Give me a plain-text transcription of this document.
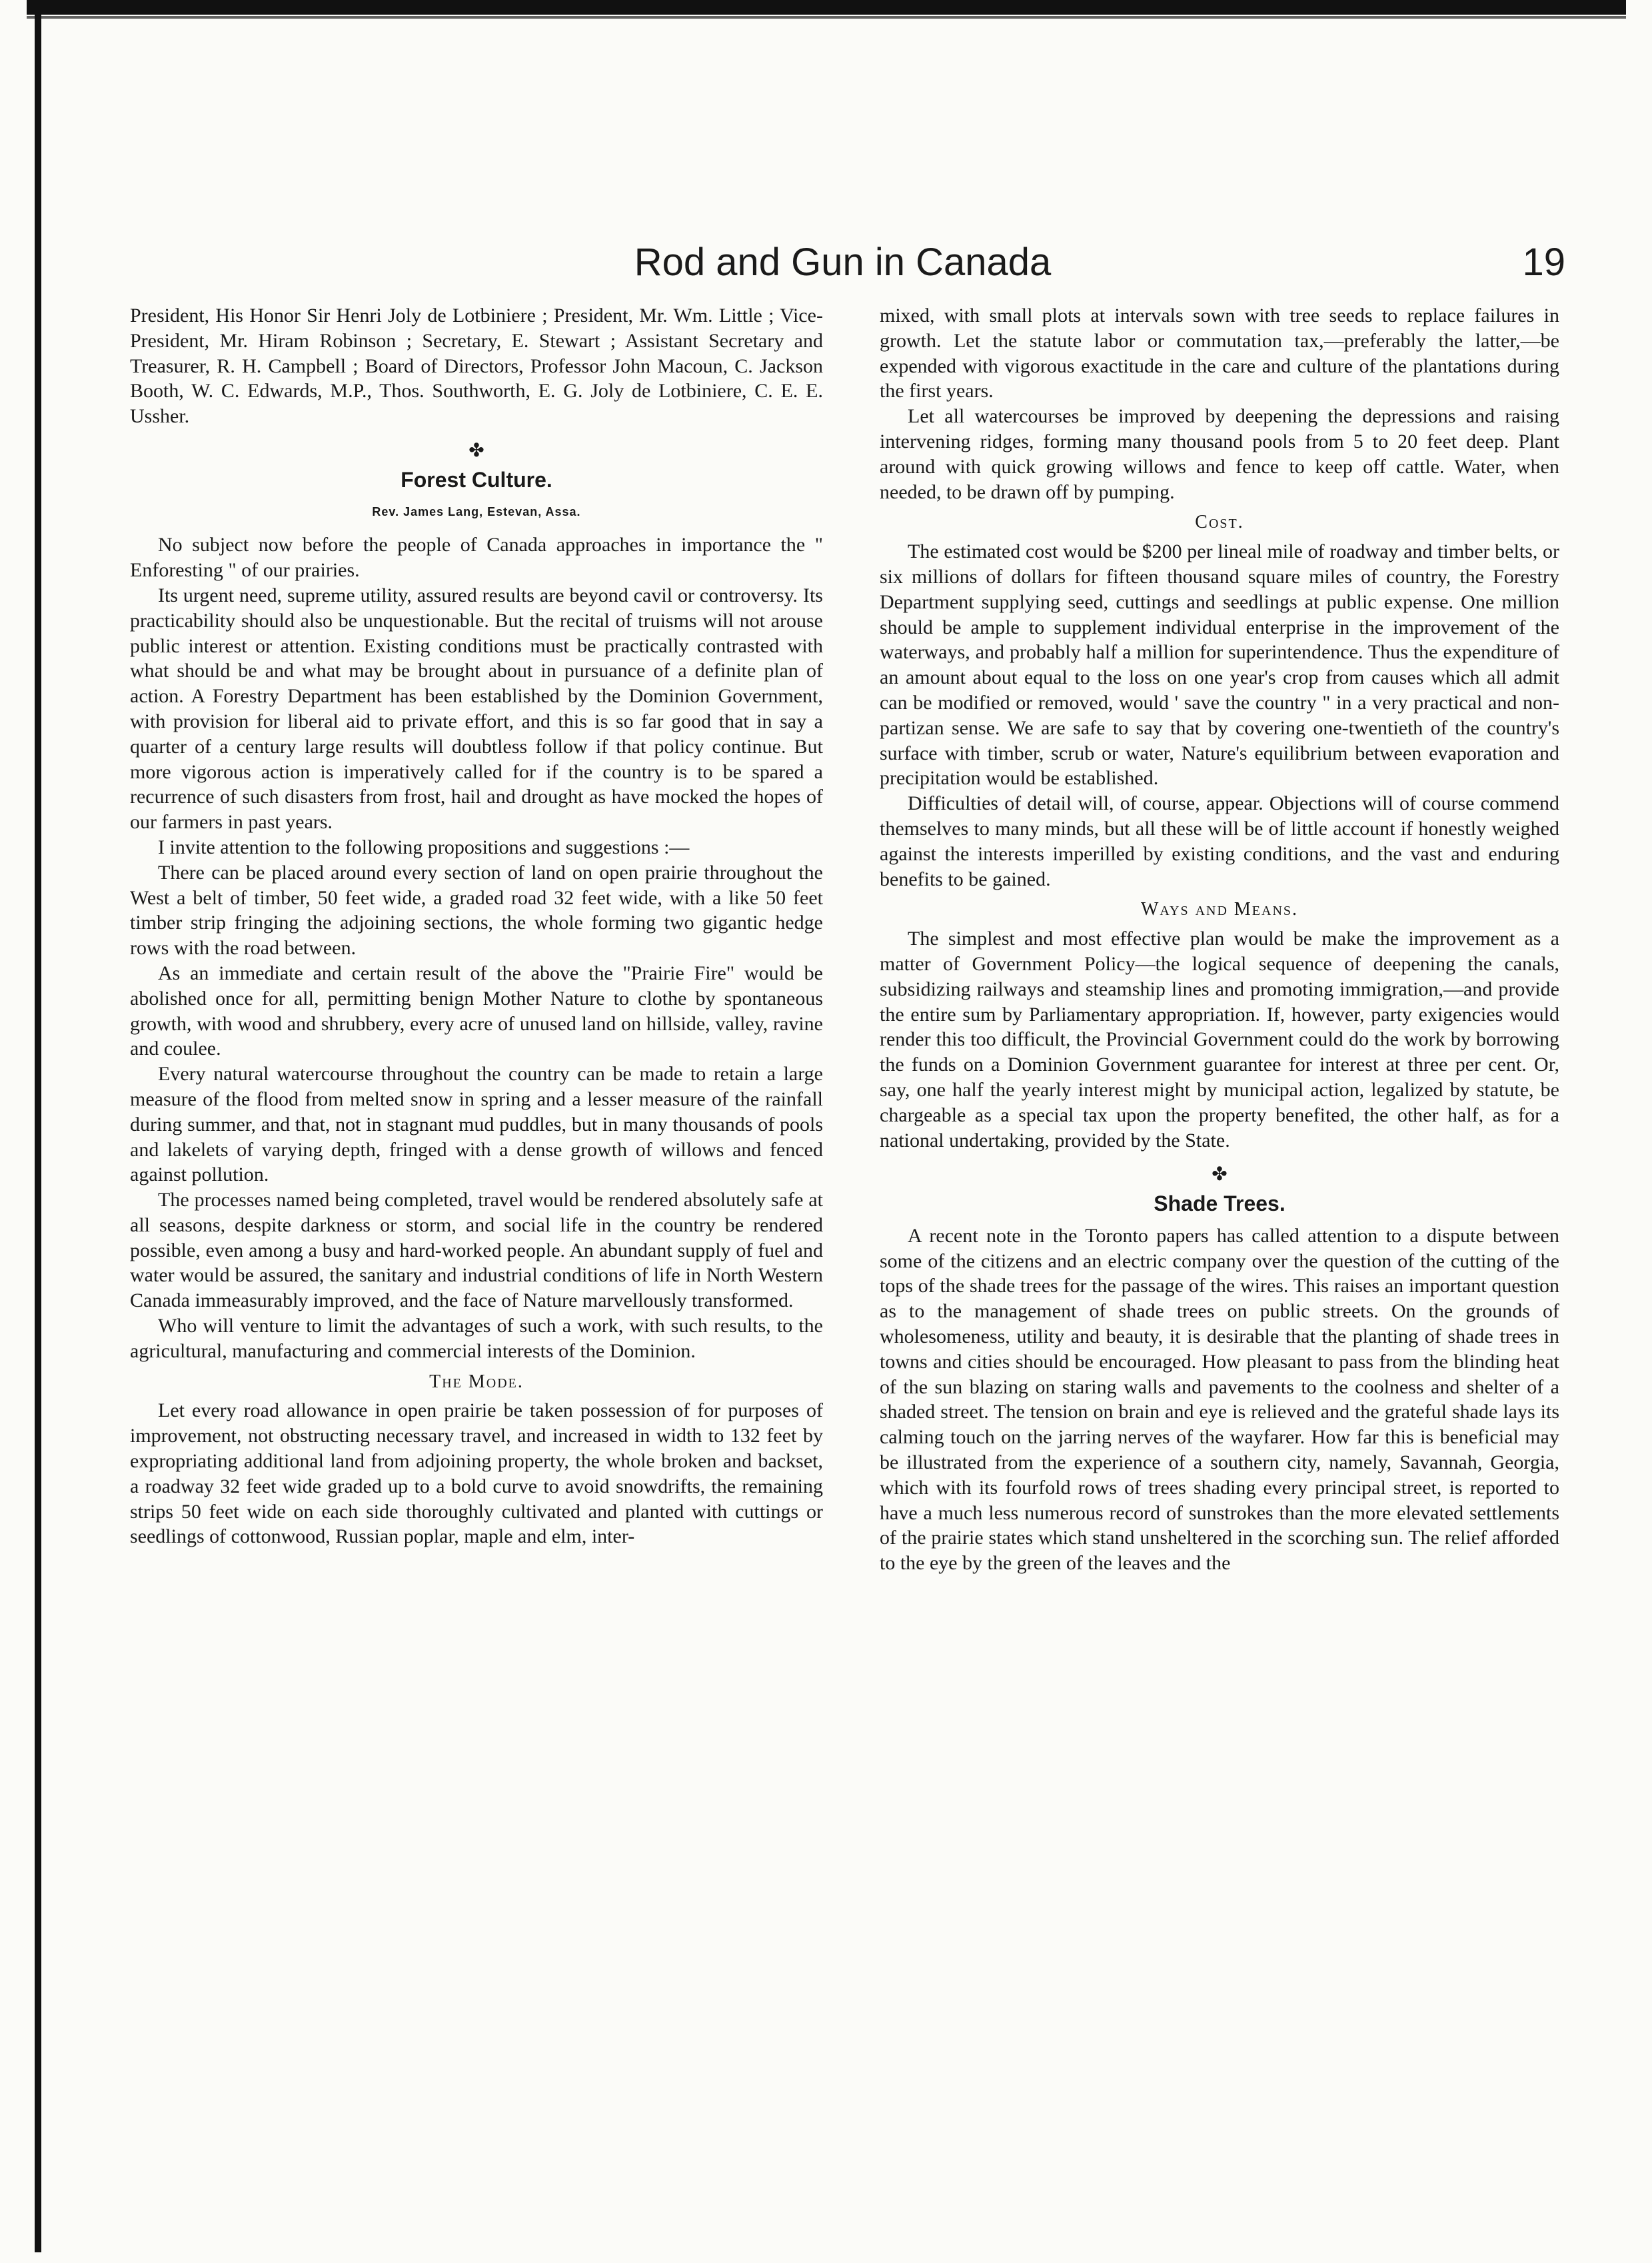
Rod and Gun in Canada	19

President, His Honor Sir Henri Joly de Lotbiniere ; President, Mr. Wm. Little ; Vice-President, Mr. Hiram Robinson ; Secretary, E. Stewart ; Assistant Secretary and Treasurer, R. H. Campbell ; Board of Directors, Professor John Macoun, C. Jackson Booth, W. C. Edwards, M.P., Thos. Southworth, E. G. Joly de Lotbiniere, C. E. E. Ussher.

✤
Forest Culture.
Rev. James Lang, Estevan, Assa.

No subject now before the people of Canada approaches in importance the " Enforesting " of our prairies.

Its urgent need, supreme utility, assured results are beyond cavil or controversy. Its practicability should also be unquestionable. But the recital of truisms will not arouse public interest or attention. Existing conditions must be practically contrasted with what should be and what may be brought about in pursuance of a definite plan of action. A Forestry Department has been established by the Dominion Government, with provision for liberal aid to private effort, and this is so far good that in say a quarter of a century large results will doubtless follow if that policy continue. But more vigorous action is imperatively called for if the country is to be spared a recurrence of such disasters from frost, hail and drought as have mocked the hopes of our farmers in past years.

I invite attention to the following propositions and suggestions :—

There can be placed around every section of land on open prairie throughout the West a belt of timber, 50 feet wide, a graded road 32 feet wide, with a like 50 feet timber strip fringing the adjoining sections, the whole forming two gigantic hedge rows with the road between.

As an immediate and certain result of the above the "Prairie Fire" would be abolished once for all, permitting benign Mother Nature to clothe by spontaneous growth, with wood and shrubbery, every acre of unused land on hillside, valley, ravine and coulee.

Every natural watercourse throughout the country can be made to retain a large measure of the flood from melted snow in spring and a lesser measure of the rainfall during summer, and that, not in stagnant mud puddles, but in many thousands of pools and lakelets of varying depth, fringed with a dense growth of willows and fenced against pollution.

The processes named being completed, travel would be rendered absolutely safe at all seasons, despite darkness or storm, and social life in the country be rendered possible, even among a busy and hard-worked people. An abundant supply of fuel and water would be assured, the sanitary and industrial conditions of life in North Western Canada immeasurably improved, and the face of Nature marvellously transformed.

Who will venture to limit the advantages of such a work, with such results, to the agricultural, manufacturing and commercial interests of the Dominion.

The Mode.

Let every road allowance in open prairie be taken possession of for purposes of improvement, not obstructing necessary travel, and increased in width to 132 feet by expropriating additional land from adjoining property, the whole broken and backset, a roadway 32 feet wide graded up to a bold curve to avoid snowdrifts, the remaining strips 50 feet wide on each side thoroughly cultivated and planted with cuttings or seedlings of cottonwood, Russian poplar, maple and elm, inter-

mixed, with small plots at intervals sown with tree seeds to replace failures in growth. Let the statute labor or commutation tax,—preferably the latter,—be expended with vigorous exactitude in the care and culture of the plantations during the first years.

Let all watercourses be improved by deepening the depressions and raising intervening ridges, forming many thousand pools from 5 to 20 feet deep. Plant around with quick growing willows and fence to keep off cattle. Water, when needed, to be drawn off by pumping.

Cost.

The estimated cost would be $200 per lineal mile of roadway and timber belts, or six millions of dollars for fifteen thousand square miles of country, the Forestry Department supplying seed, cuttings and seedlings at public expense. One million should be ample to supplement individual enterprise in the improvement of the waterways, and probably half a million for superintendence. Thus the expenditure of an amount about equal to the loss on one year's crop from causes which all admit can be modified or removed, would ' save the country " in a very practical and non-partizan sense. We are safe to say that by covering one-twentieth of the country's surface with timber, scrub or water, Nature's equilibrium between evaporation and precipitation would be established.

Difficulties of detail will, of course, appear. Objections will of course commend themselves to many minds, but all these will be of little account if honestly weighed against the interests imperilled by existing conditions, and the vast and enduring benefits to be gained.

Ways and Means.

The simplest and most effective plan would be make the improvement as a matter of Government Policy—the logical sequence of deepening the canals, subsidizing railways and steamship lines and promoting immigration,—and provide the entire sum by Parliamentary appropriation. If, however, party exigencies would render this too difficult, the Provincial Government could do the work by borrowing the funds on a Dominion Government guarantee for interest at three per cent. Or, say, one half the yearly interest might by municipal action, legalized by statute, be chargeable as a special tax upon the property benefited, the other half, as for a national undertaking, provided by the State.

✤
Shade Trees.

A recent note in the Toronto papers has called attention to a dispute between some of the citizens and an electric company over the question of the cutting of the tops of the shade trees for the passage of the wires. This raises an important question as to the management of shade trees on public streets. On the grounds of wholesomeness, utility and beauty, it is desirable that the planting of shade trees in towns and cities should be encouraged. How pleasant to pass from the blinding heat of the sun blazing on staring walls and pavements to the coolness and shelter of a shaded street. The tension on brain and eye is relieved and the grateful shade lays its calming touch on the jarring nerves of the wayfarer. How far this is beneficial may be illustrated from the experience of a southern city, namely, Savannah, Georgia, which with its fourfold rows of trees shading every principal street, is reported to have a much less numerous record of sunstrokes than the more elevated settlements of the prairie states which stand unsheltered in the scorching sun. The relief afforded to the eye by the green of the leaves and the
